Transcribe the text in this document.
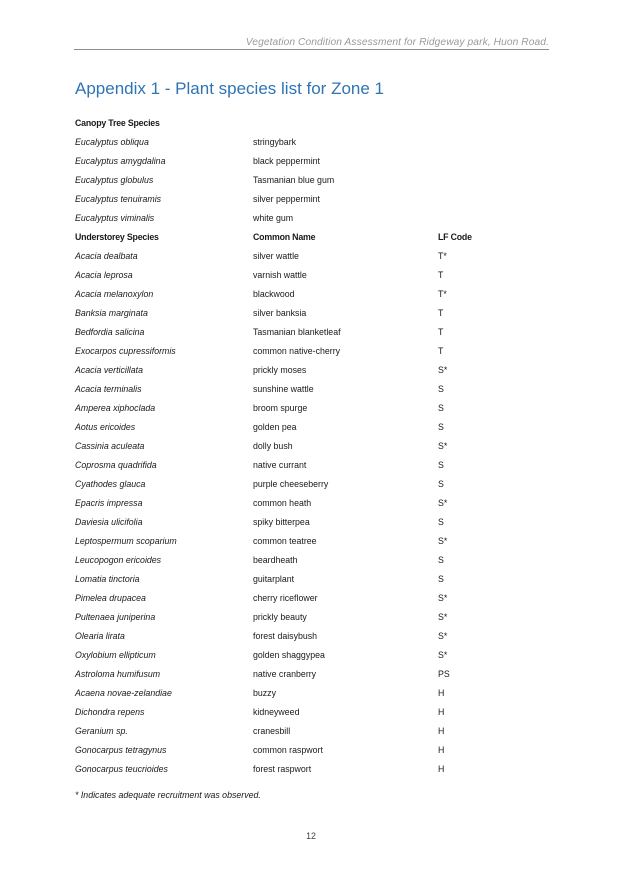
Vegetation Condition Assessment for Ridgeway park, Huon Road.
Appendix 1 - Plant species list for Zone 1
Canopy Tree Species
Eucalyptus obliqua	stringybark
Eucalyptus amygdalina	black peppermint
Eucalyptus globulus	Tasmanian blue gum
Eucalyptus tenuiramis	silver peppermint
Eucalyptus viminalis	white gum
Understorey Species	Common Name	LF Code
Acacia dealbata	silver wattle	T*
Acacia leprosa	varnish wattle	T
Acacia melanoxylon	blackwood	T*
Banksia marginata	silver banksia	T
Bedfordia salicina	Tasmanian blanketleaf	T
Exocarpos cupressiformis	common native-cherry	T
Acacia verticillata	prickly moses	S*
Acacia terminalis	sunshine wattle	S
Amperea xiphoclada	broom spurge	S
Aotus ericoides	golden pea	S
Cassinia aculeata	dolly bush	S*
Coprosma quadrifida	native currant	S
Cyathodes glauca	purple cheeseberry	S
Epacris impressa	common heath	S*
Daviesia ulicifolia	spiky bitterpea	S
Leptospermum scoparium	common teatree	S*
Leucopogon ericoides	beardheath	S
Lomatia tinctoria	guitarplant	S
Pimelea drupacea	cherry riceflower	S*
Pultenaea juniperina	prickly beauty	S*
Olearia lirata	forest daisybush	S*
Oxylobium ellipticum	golden shaggypea	S*
Astroloma humifusum	native cranberry	PS
Acaena novae-zelandiae	buzzy	H
Dichondra repens	kidneyweed	H
Geranium sp.	cranesbill	H
Gonocarpus tetragynus	common raspwort	H
Gonocarpus teucrioides	forest raspwort	H
* Indicates adequate recruitment was observed.
12
